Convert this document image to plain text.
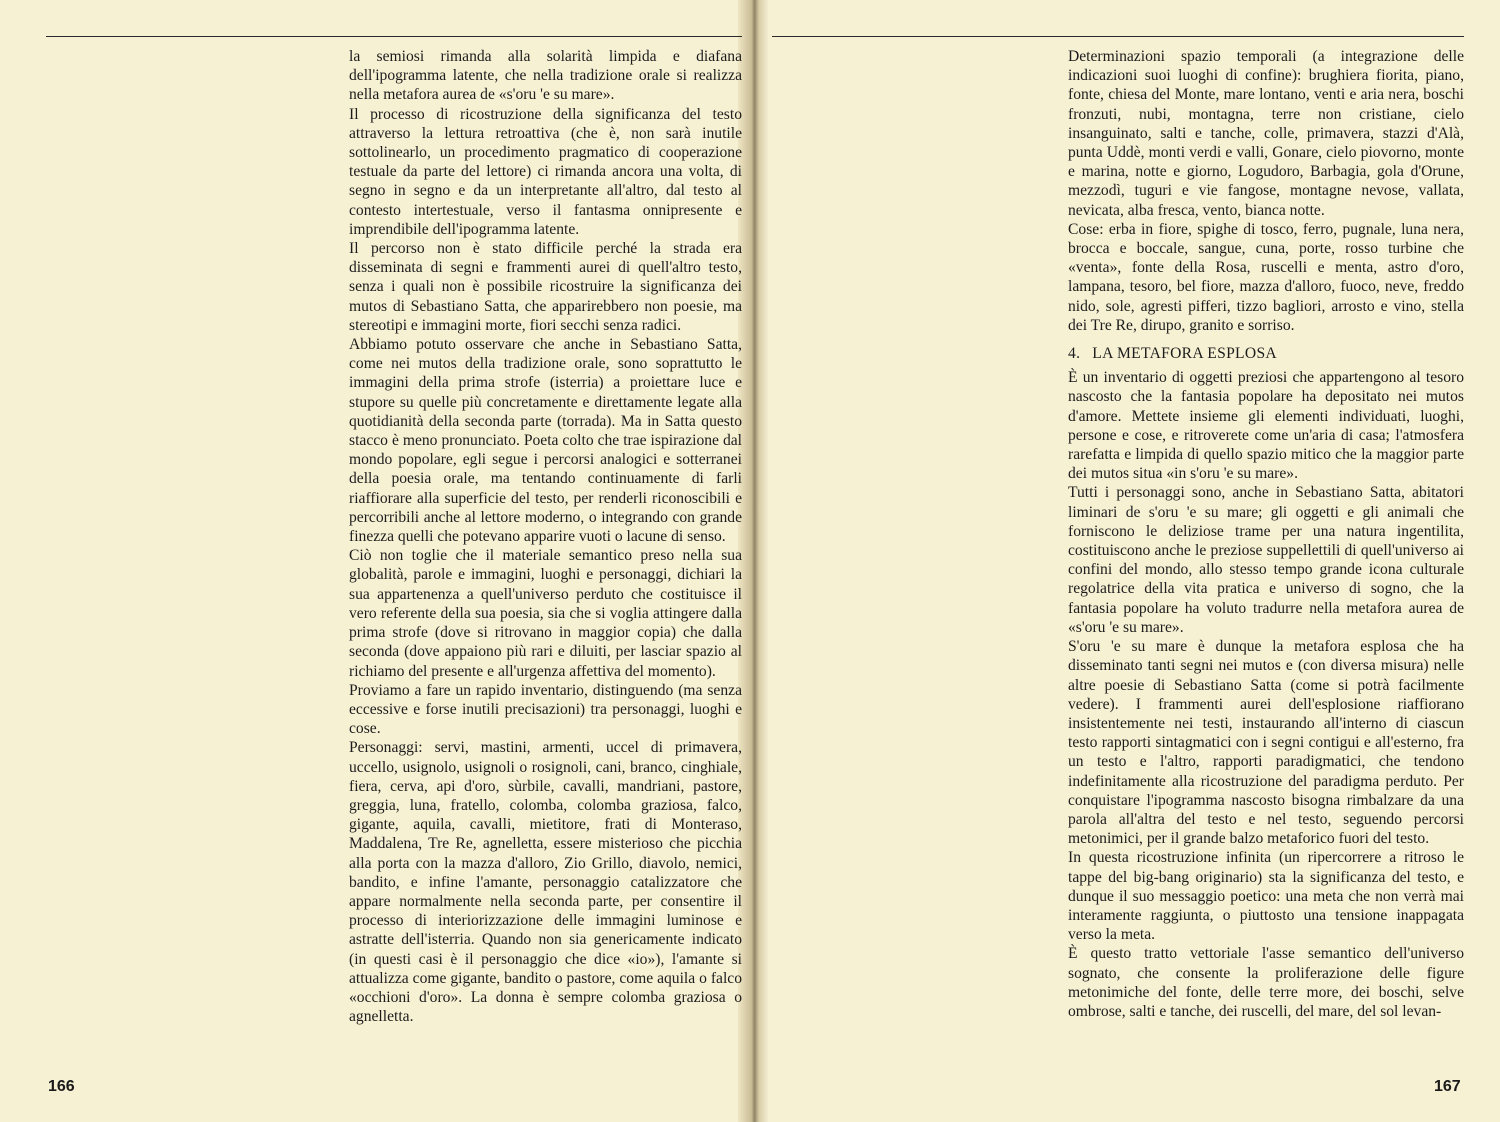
la semiosi rimanda alla solarità limpida e diafana dell'ipogramma latente, che nella tradizione orale si realizza nella metafora aurea de «s'oru 'e su mare».

Il processo di ricostruzione della significanza del testo attraverso la lettura retroattiva (che è, non sarà inutile sottolinearlo, un procedimento pragmatico di cooperazione testuale da parte del lettore) ci rimanda ancora una volta, di segno in segno e da un interpretante all'altro, dal testo al contesto intertestuale, verso il fantasma onnipresente e imprendibile dell'ipogramma latente.

Il percorso non è stato difficile perché la strada era disseminata di segni e frammenti aurei di quell'altro testo, senza i quali non è possibile ricostruire la significanza dei mutos di Sebastiano Satta, che apparirebbero non poesie, ma stereotipi e immagini morte, fiori secchi senza radici.

Abbiamo potuto osservare che anche in Sebastiano Satta, come nei mutos della tradizione orale, sono soprattutto le immagini della prima strofe (isterria) a proiettare luce e stupore su quelle più concretamente e direttamente legate alla quotidianità della seconda parte (torrada). Ma in Satta questo stacco è meno pronunciato. Poeta colto che trae ispirazione dal mondo popolare, egli segue i percorsi analogici e sotterranei della poesia orale, ma tentando continuamente di farli riaffiorare alla superficie del testo, per renderli riconoscibili e percorribili anche al lettore moderno, o integrando con grande finezza quelli che potevano apparire vuoti o lacune di senso.

Ciò non toglie che il materiale semantico preso nella sua globalità, parole e immagini, luoghi e personaggi, dichiari la sua appartenenza a quell'universo perduto che costituisce il vero referente della sua poesia, sia che si voglia attingere dalla prima strofe (dove si ritrovano in maggior copia) che dalla seconda (dove appaiono più rari e diluiti, per lasciar spazio al richiamo del presente e all'urgenza affettiva del momento).

Proviamo a fare un rapido inventario, distinguendo (ma senza eccessive e forse inutili precisazioni) tra personaggi, luoghi e cose.

Personaggi: servi, mastini, armenti, uccel di primavera, uccello, usignolo, usignoli o rosignoli, cani, branco, cinghiale, fiera, cerva, api d'oro, sùrbile, cavalli, mandriani, pastore, greggia, luna, fratello, colomba, colomba graziosa, falco, gigante, aquila, cavalli, mietitore, frati di Monteraso, Maddalena, Tre Re, agnelletta, essere misterioso che picchia alla porta con la mazza d'alloro, Zio Grillo, diavolo, nemici, bandito, e infine l'amante, personaggio catalizzatore che appare normalmente nella seconda parte, per consentire il processo di interiorizzazione delle immagini luminose e astratte dell'isterria. Quando non sia genericamente indicato (in questi casi è il personaggio che dice «io»), l'amante si attualizza come gigante, bandito o pastore, come aquila o falco «occhioni d'oro». La donna è sempre colomba graziosa o agnelletta.

Determinazioni spazio temporali (a integrazione delle indicazioni suoi luoghi di confine): brughiera fiorita, piano, fonte, chiesa del Monte, mare lontano, venti e aria nera, boschi fronzuti, nubi, montagna, terre non cristiane, cielo insanguinato, salti e tanche, colle, primavera, stazzi d'Alà, punta Uddè, monti verdi e valli, Gonare, cielo piovorno, monte e marina, notte e giorno, Logudoro, Barbagia, gola d'Orune, mezzodì, tuguri e vie fangose, montagne nevose, vallata, nevicata, alba fresca, vento, bianca notte.

Cose: erba in fiore, spighe di tosco, ferro, pugnale, luna nera, brocca e boccale, sangue, cuna, porte, rosso turbine che «venta», fonte della Rosa, ruscelli e menta, astro d'oro, lampana, tesoro, bel fiore, mazza d'alloro, fuoco, neve, freddo nido, sole, agresti pifferi, tizzo bagliori, arrosto e vino, stella dei Tre Re, dirupo, granito e sorriso.

4. LA METAFORA ESPLOSA

È un inventario di oggetti preziosi che appartengono al tesoro nascosto che la fantasia popolare ha depositato nei mutos d'amore. Mettete insieme gli elementi individuati, luoghi, persone e cose, e ritroverete come un'aria di casa; l'atmosfera rarefatta e limpida di quello spazio mitico che la maggior parte dei mutos situa «in s'oru 'e su mare».

Tutti i personaggi sono, anche in Sebastiano Satta, abitatori liminari de s'oru 'e su mare; gli oggetti e gli animali che forniscono le deliziose trame per una natura ingentilita, costituiscono anche le preziose suppellettili di quell'universo ai confini del mondo, allo stesso tempo grande icona culturale regolatrice della vita pratica e universo di sogno, che la fantasia popolare ha voluto tradurre nella metafora aurea de «s'oru 'e su mare».

S'oru 'e su mare è dunque la metafora esplosa che ha disseminato tanti segni nei mutos e (con diversa misura) nelle altre poesie di Sebastiano Satta (come si potrà facilmente vedere). I frammenti aurei dell'esplosione riaffiorano insistentemente nei testi, instaurando all'interno di ciascun testo rapporti sintagmatici con i segni contigui e all'esterno, fra un testo e l'altro, rapporti paradigmatici, che tendono indefinitamente alla ricostruzione del paradigma perduto. Per conquistare l'ipogramma nascosto bisogna rimbalzare da una parola all'altra del testo e nel testo, seguendo percorsi metonimici, per il grande balzo metaforico fuori del testo.

In questa ricostruzione infinita (un ripercorrere a ritroso le tappe del big-bang originario) sta la significanza del testo, e dunque il suo messaggio poetico: una meta che non verrà mai interamente raggiunta, o piuttosto una tensione inappagata verso la meta.

È questo tratto vettoriale l'asse semantico dell'universo sognato, che consente la proliferazione delle figure metonimiche del fonte, delle terre more, dei boschi, selve ombrose, salti e tanche, dei ruscelli, del mare, del sol levan-

166	167
